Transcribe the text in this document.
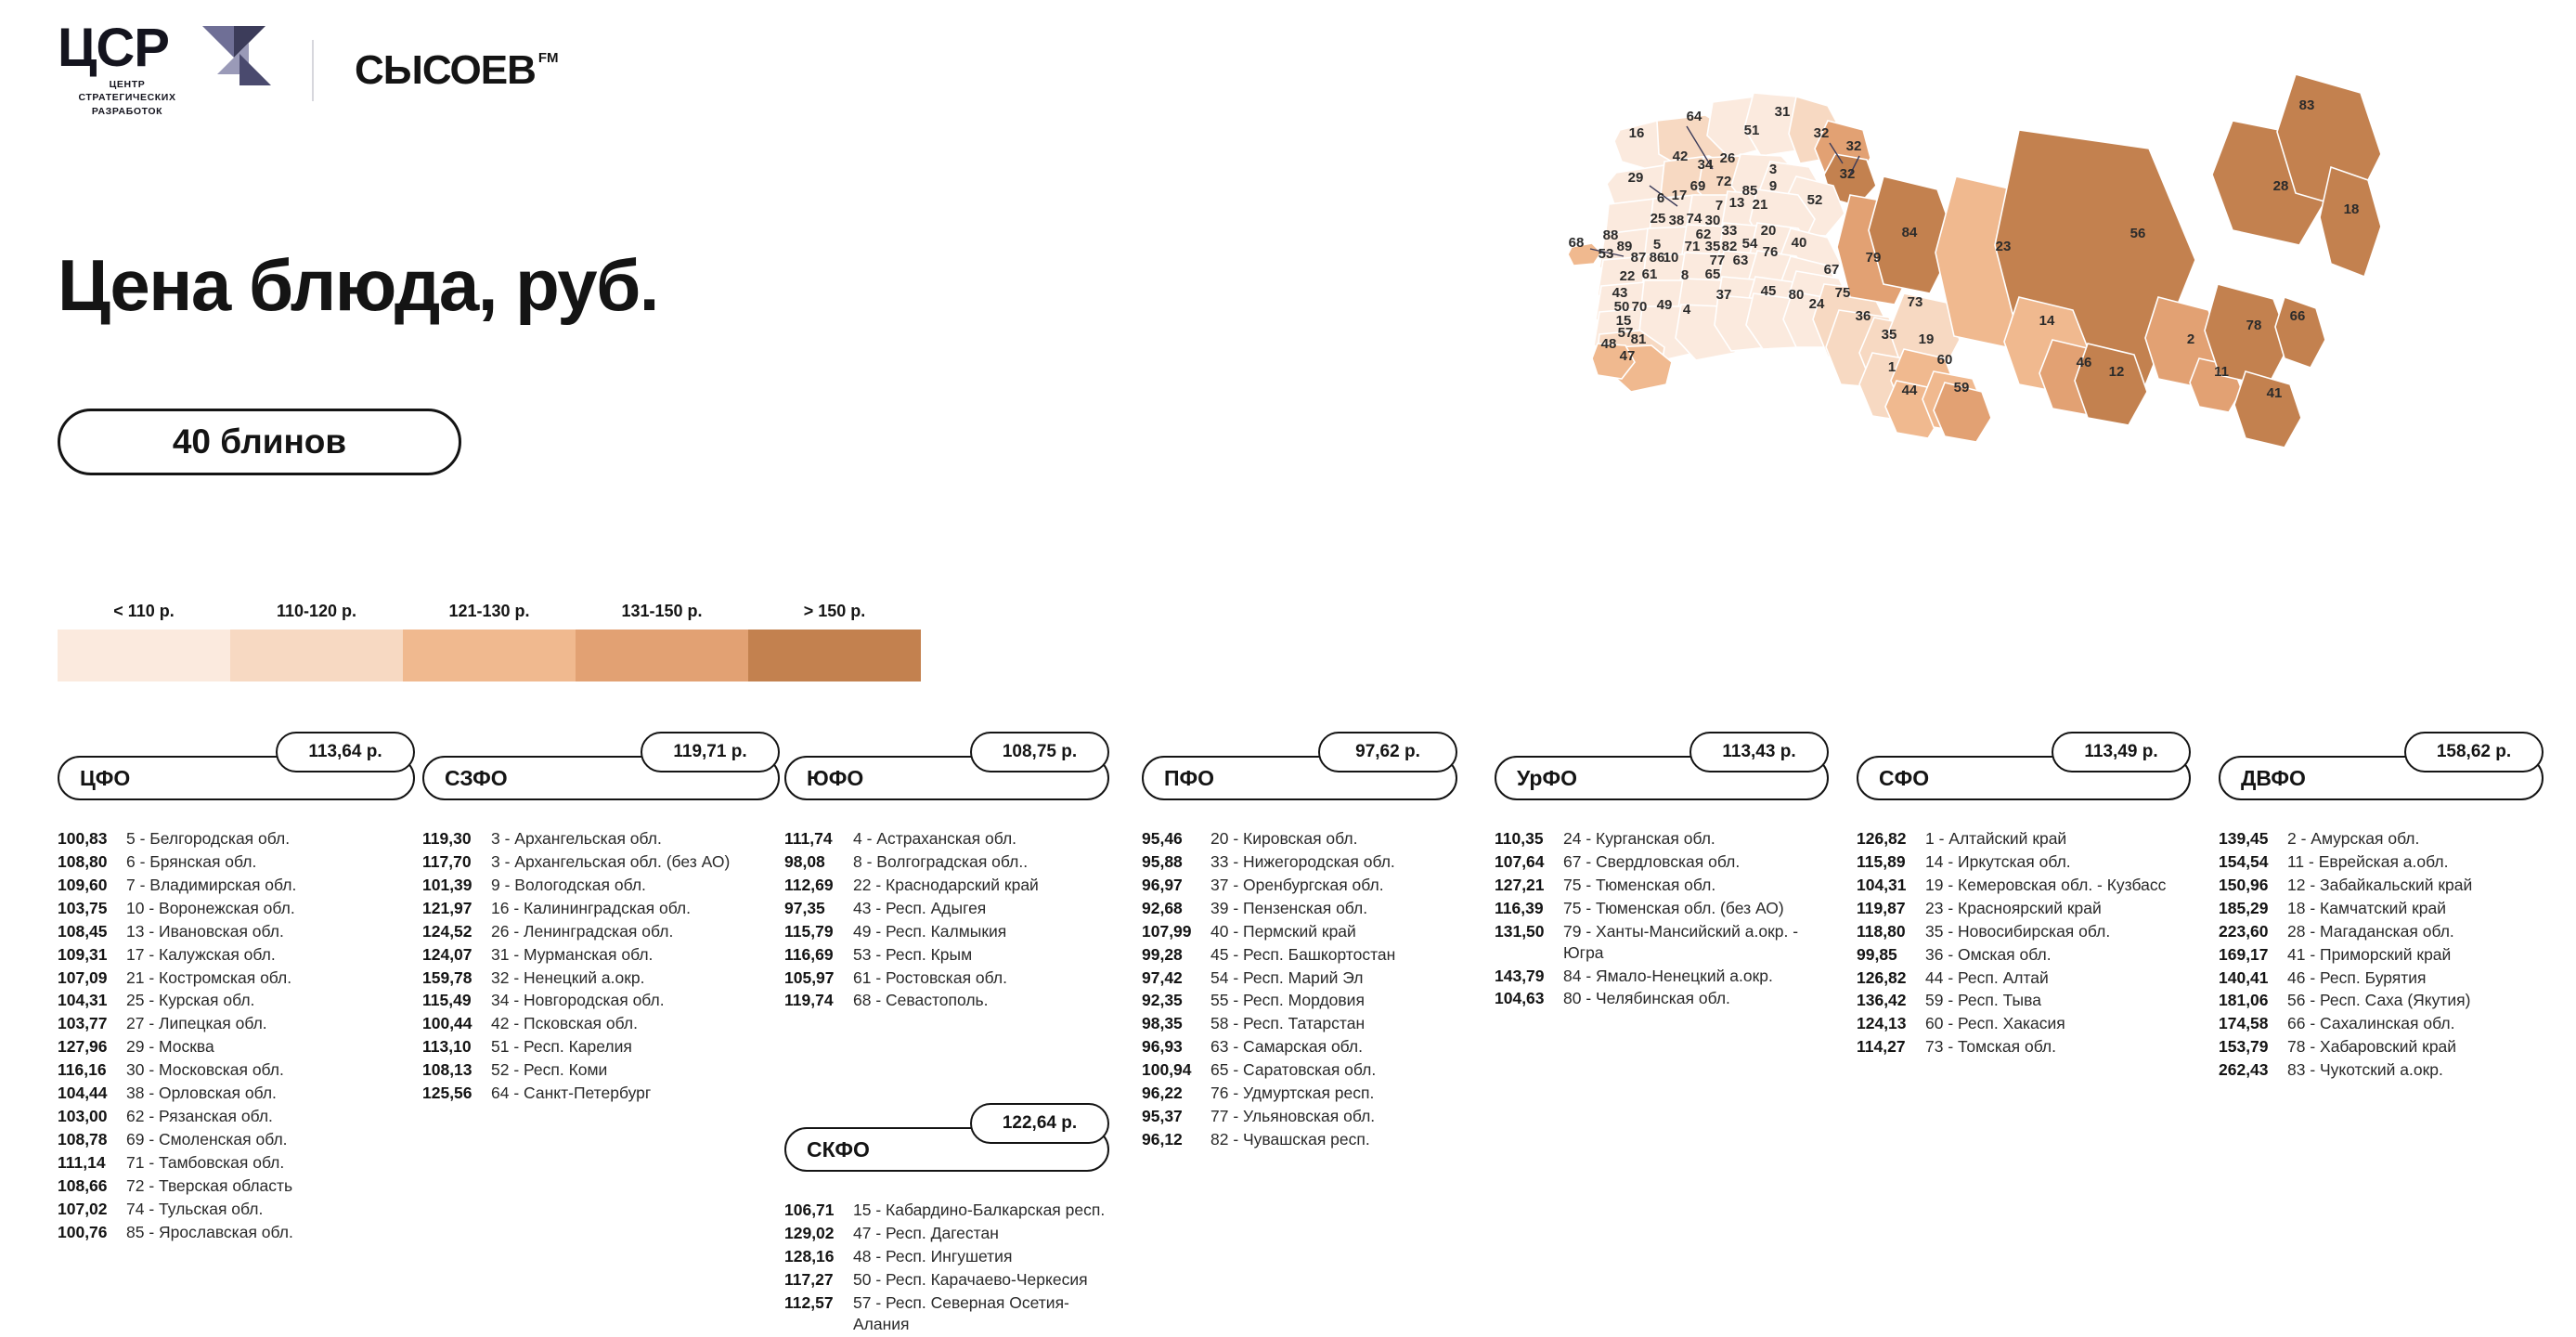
ЦСР
ЦЕНТР
СТРАТЕГИЧЕСКИХ
РАЗРАБОТОК
СЫСОЕВ FM
Цена блюда, руб.
40 блинов
< 110 р.	110-120 р.	121-130 р.	131-150 р.	> 150 р.
83
28
18
56
23
84
79
52
31
51	32
32
32
64
16
42
34 26
3
69 72
85 9
29
6 17
7 13 21
25 38 74 30
62 33 20
40
68 88
89
87 86
5
10
71 35 82 54
76
53	77 63
22 61 8 65	67
43	37 45 80 75
50 70 49 4	24	73
36	14
15
57
81
48
47
35 19
1	60
44	59
46
12
2
78
66
11
41
ЦФО
113,64 р.
100,83	5 - Белгородская обл.
108,80	6 - Брянская обл.
109,60	7 - Владимирская обл.
103,75	10 - Воронежская обл.
108,45	13 - Ивановская обл.
109,31	17 - Калужская обл.
107,09	21 - Костромская обл.
104,31	25 - Курская обл.
103,77	27 - Липецкая обл.
127,96	29 - Москва
116,16	30 - Московская обл.
104,44	38 - Орловская обл.
103,00	62 - Рязанская обл.
108,78	69 - Смоленская обл.
111,14	71 - Тамбовская обл.
108,66	72 - Тверская область
107,02	74 - Тульская обл.
100,76	85 - Ярославская обл.
СЗФО
119,71 р.
119,30	3 - Архангельская обл.
117,70	3 - Архангельская обл. (без АО)
101,39	9 - Вологодская обл.
121,97	16 - Калининградская обл.
124,52	26 - Ленинградская обл.
124,07	31 - Мурманская обл.
159,78	32 - Ненецкий а.окр.
115,49	34 - Новгородская обл.
100,44	42 - Псковская обл.
113,10	51 - Респ. Карелия
108,13	52 - Респ. Коми
125,56	64 - Санкт-Петербург
ЮФО
108,75 р.
111,74	4 - Астраханская обл.
98,08	8 - Волгоградская обл..
112,69	22 - Краснодарский край
97,35	43 - Респ. Адыгея
115,79	49 - Респ. Калмыкия
116,69	53 - Респ. Крым
105,97	61 - Ростовская обл.
119,74	68 - Севастополь.
СКФО
122,64 р.
106,71	15 - Кабардино-Балкарская респ.
129,02	47 - Респ. Дагестан
128,16	48 - Респ. Ингушетия
117,27	50 - Респ. Карачаево-Черкесия
112,57	57 - Респ. Северная Осетия-Алания
ПФО
97,62 р.
95,46	20 - Кировская обл.
95,88	33 - Нижегородская обл.
96,97	37 - Оренбургская обл.
92,68	39 - Пензенская обл.
107,99	40 - Пермский край
99,28	45 - Респ. Башкортостан
97,42	54 - Респ. Марий Эл
92,35	55 - Респ. Мордовия
98,35	58 - Респ. Татарстан
96,93	63 - Самарская обл.
100,94	65 - Саратовская обл.
96,22	76 - Удмуртская респ.
95,37	77 - Ульяновская обл.
96,12	82 - Чувашская респ.
УрФО
113,43 р.
110,35	24 - Курганская обл.
107,64	67 - Свердловская обл.
127,21	75 - Тюменская обл.
116,39	75 - Тюменская обл. (без АО)
131,50	79 - Ханты-Мансийский а.окр. - Югра
143,79	84 - Ямало-Ненецкий а.окр.
104,63	80 - Челябинская обл.
СФО
113,49 р.
126,82	1 - Алтайский край
115,89	14 - Иркутская обл.
104,31	19 - Кемеровская обл. - Кузбасс
119,87	23 - Красноярский край
118,80	35 - Новосибирская обл.
99,85	36 - Омская обл.
126,82	44 - Респ. Алтай
136,42	59 - Респ. Тыва
124,13	60 - Респ. Хакасия
114,27	73 - Томская обл.
ДВФО
158,62 р.
139,45	2 - Амурская обл.
154,54	11 - Еврейская а.обл.
150,96	12 - Забайкальский край
185,29	18 - Камчатский край
223,60	28 - Магаданская обл.
169,17	41 - Приморский край
140,41	46 - Респ. Бурятия
181,06	56 - Респ. Саха (Якутия)
174,58	66 - Сахалинская обл.
153,79	78 - Хабаровский край
262,43	83 - Чукотский а.окр.
